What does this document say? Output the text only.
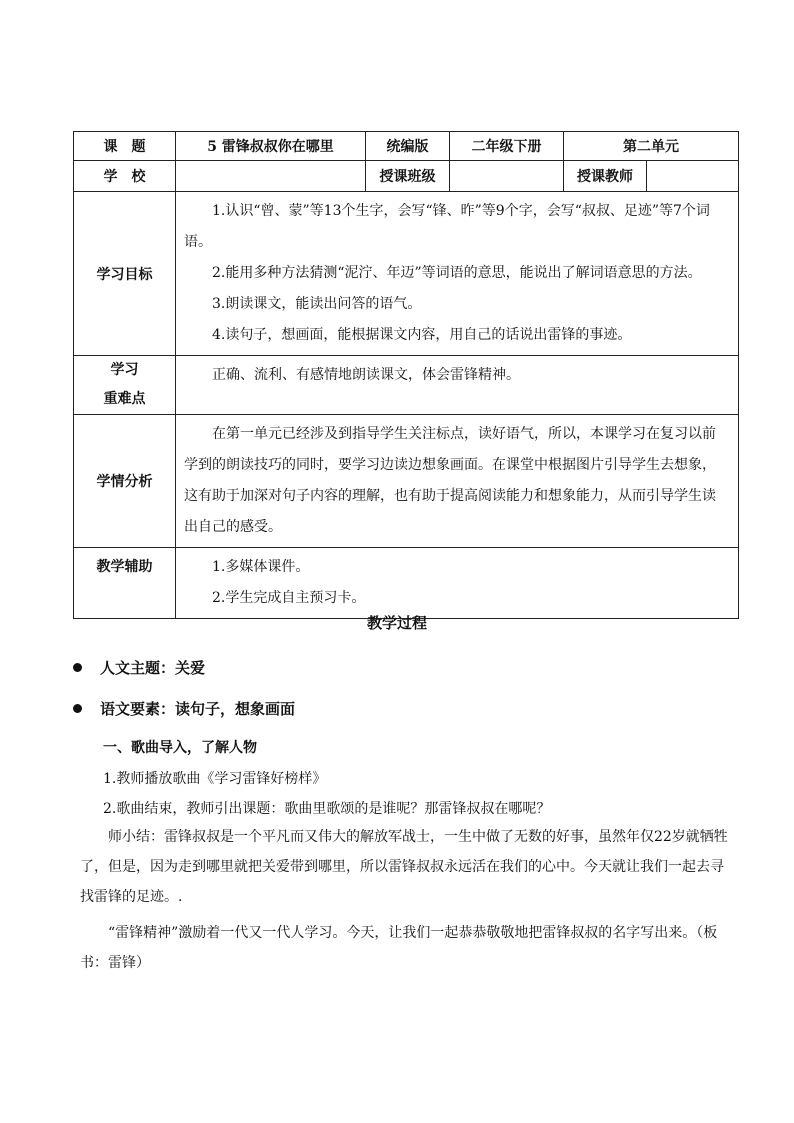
课　题	5 雷锋叔叔你在哪里	统编版	二年级下册	第二单元	
学　校		授课班级		授课教师	
学习目标	1.认识“曾、蒙”等13个生字，会写“锋、昨”等9个字，会写“叔叔、足迹”等7个词语。

2.能用多种方法猜测“泥泞、年迈”等词语的意思，能说出了解词语意思的方法。

3.朗读课文，能读出问答的语气。

4.读句子，想画面，能根据课文内容，用自己的话说出雷锋的事迹。				

学习
重难点	正确、流利、有感情地朗读课文，体会雷锋精神。				

学情分析	在第一单元已经涉及到指导学生关注标点，读好语气，所以，本课学习在复习以前学到的朗读技巧的同时，要学习边读边想象画面。在课堂中根据图片引导学生去想象，这有助于加深对句子内容的理解，也有助于提高阅读能力和想象能力，从而引导学生读出自己的感受。				

教学辅助	1.多媒体课件。

2.学生完成自主预习卡。				

教学过程
人文主题：关爱
语文要素：读句子，想象画面
一、歌曲导入，了解人物
1.教师播放歌曲《学习雷锋好榜样》
2.歌曲结束，教师引出课题：歌曲里歌颂的是谁呢？那雷锋叔叔在哪呢？
师小结：雷锋叔叔是一个平凡而又伟大的解放军战士，一生中做了无数的好事，虽然年仅22岁就牺牲了，但是，因为走到哪里就把关爱带到哪里，所以雷锋叔叔永远活在我们的心中。今天就让我们一起去寻找雷锋的足迹。.
“雷锋精神”激励着一代又一代人学习。今天，让我们一起恭恭敬敬地把雷锋叔叔的名字写出来。（板书：雷锋）
